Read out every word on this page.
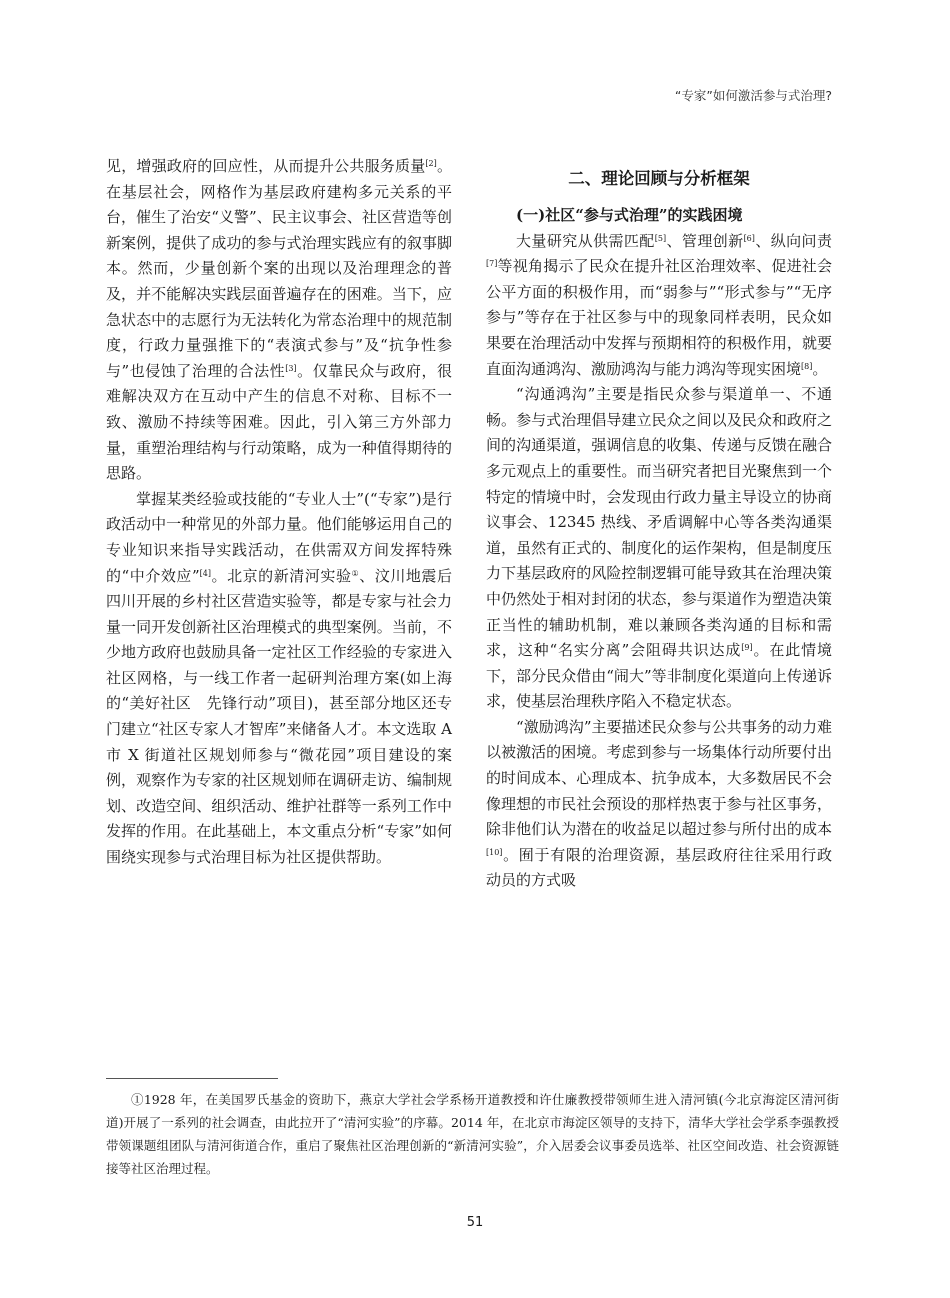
“专家”如何激活参与式治理?

见，增强政府的回应性，从而提升公共服务质量[2]。在基层社会，网格作为基层政府建构多元关系的平台，催生了治安“义警”、民主议事会、社区营造等创新案例，提供了成功的参与式治理实践应有的叙事脚本。然而，少量创新个案的出现以及治理理念的普及，并不能解决实践层面普遍存在的困难。当下，应急状态中的志愿行为无法转化为常态治理中的规范制度，行政力量强推下的“表演式参与”及“抗争性参与”也侵蚀了治理的合法性[3]。仅靠民众与政府，很难解决双方在互动中产生的信息不对称、目标不一致、激励不持续等困难。因此，引入第三方外部力量，重塑治理结构与行动策略，成为一种值得期待的思路。

掌握某类经验或技能的“专业人士”(“专家”)是行政活动中一种常见的外部力量。他们能够运用自己的专业知识来指导实践活动，在供需双方间发挥特殊的“中介效应”[4]。北京的新清河实验①、汶川地震后四川开展的乡村社区营造实验等，都是专家与社会力量一同开发创新社区治理模式的典型案例。当前，不少地方政府也鼓励具备一定社区工作经验的专家进入社区网格，与一线工作者一起研判治理方案(如上海的“美好社区　先锋行动”项目)，甚至部分地区还专门建立“社区专家人才智库”来储备人才。本文选取 A 市 X 街道社区规划师参与“微花园”项目建设的案例，观察作为专家的社区规划师在调研走访、编制规划、改造空间、组织活动、维护社群等一系列工作中发挥的作用。在此基础上，本文重点分析“专家”如何围绕实现参与式治理目标为社区提供帮助。

二、理论回顾与分析框架
(一)社区“参与式治理”的实践困境

大量研究从供需匹配[5]、管理创新[6]、纵向问责[7]等视角揭示了民众在提升社区治理效率、促进社会公平方面的积极作用，而“弱参与”“形式参与”“无序参与”等存在于社区参与中的现象同样表明，民众如果要在治理活动中发挥与预期相符的积极作用，就要直面沟通鸿沟、激励鸿沟与能力鸿沟等现实困境[8]。

“沟通鸿沟”主要是指民众参与渠道单一、不通畅。参与式治理倡导建立民众之间以及民众和政府之间的沟通渠道，强调信息的收集、传递与反馈在融合多元观点上的重要性。而当研究者把目光聚焦到一个特定的情境中时，会发现由行政力量主导设立的协商议事会、12345 热线、矛盾调解中心等各类沟通渠道，虽然有正式的、制度化的运作架构，但是制度压力下基层政府的风险控制逻辑可能导致其在治理决策中仍然处于相对封闭的状态，参与渠道作为塑造决策正当性的辅助机制，难以兼顾各类沟通的目标和需求，这种“名实分离”会阻碍共识达成[9]。在此情境下，部分民众借由“闹大”等非制度化渠道向上传递诉求，使基层治理秩序陷入不稳定状态。

“激励鸿沟”主要描述民众参与公共事务的动力难以被激活的困境。考虑到参与一场集体行动所要付出的时间成本、心理成本、抗争成本，大多数居民不会像理想的市民社会预设的那样热衷于参与社区事务，除非他们认为潜在的收益足以超过参与所付出的成本[10]。囿于有限的治理资源，基层政府往往采用行政动员的方式吸

①1928 年，在美国罗氏基金的资助下，燕京大学社会学系杨开道教授和许仕廉教授带领师生进入清河镇(今北京海淀区清河街道)开展了一系列的社会调查，由此拉开了“清河实验”的序幕。2014 年，在北京市海淀区领导的支持下，清华大学社会学系李强教授带领课题组团队与清河街道合作，重启了聚焦社区治理创新的“新清河实验”，介入居委会议事委员选举、社区空间改造、社会资源链接等社区治理过程。

51
